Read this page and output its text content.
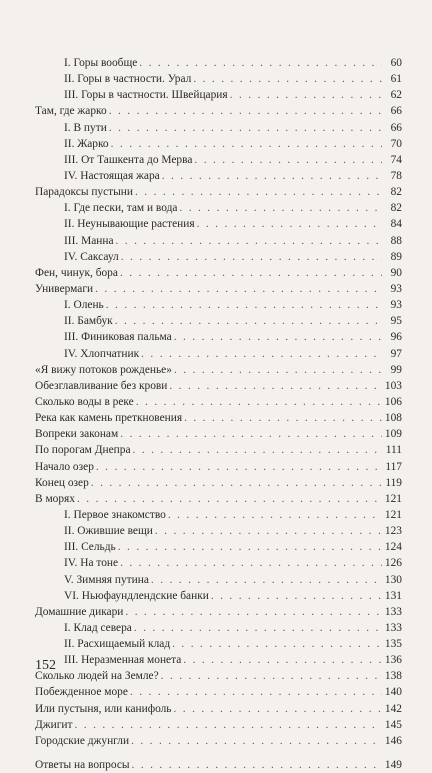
I. Горы вообще . . .	60
II. Горы в частности. Урал . . .	61
III. Горы в частности. Швейцария . . .	62
Там, где жарко . . .	66
I. В пути . . .	66
II. Жарко . . .	70
III. От Ташкента до Мерва . . .	74
IV. Настоящая жара . . .	78
Парадоксы пустыни . . .	82
I. Где пески, там и вода . . .	82
II. Неунывающие растения . . .	84
III. Манна . . .	88
IV. Саксаул . . .	89
Фен, чинук, бора . . .	90
Универмаги . . .	93
I. Олень . . .	93
II. Бамбук . . .	95
III. Финиковая пальма . . .	96
IV. Хлопчатник . . .	97
«Я вижу потоков рожденье» . . .	99
Обезглавливание без крови . . .	103
Сколько воды в реке . . .	106
Река как камень преткновения . . .	108
Вопреки законам . . .	109
По порогам Днепра . . .	111
Начало озер . . .	117
Конец озер . . .	119
В морях . . .	121
I. Первое знакомство . . .	121
II. Ожившие вещи . . .	123
III. Сельдь . . .	124
IV. На тоне . . .	126
V. Зимняя путина . . .	130
VI. Ньюфаундлендские банки . . .	131
Домашние дикари . . .	133
I. Клад севера . . .	133
II. Расхищаемый клад . . .	135
III. Неразменная монета . . .	136
Сколько людей на Земле? . . .	138
Побежденное море . . .	140
Или пустыня, или канифоль . . .	142
Джигит . . .	145
Городские джунгли . . .	146
Ответы на вопросы . . .	149
152
